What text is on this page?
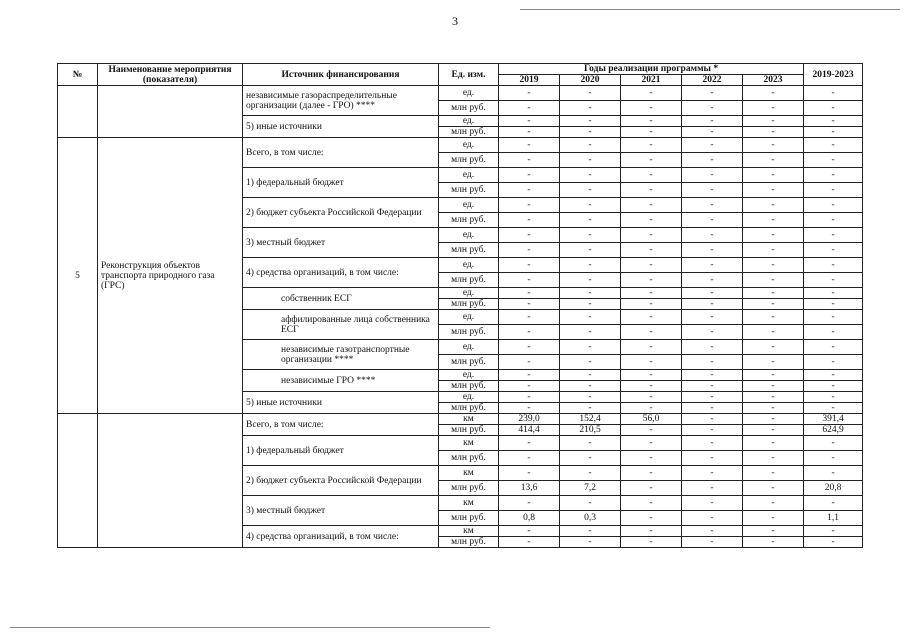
3
№	Наименование мероприятия (показателя)	Источник финансирования	Ед. изм.	Годы реализации программы *					2019-2023
				2019	2020	2021	2022	2023	
		независимые газораспределительные организации (далее - ГРО) ****	ед.	-	-	-	-	-	-
			млн руб.	-	-	-	-	-	-
		5) иные источники	ед.	-	-	-	-	-	-
			млн руб.	-	-	-	-	-	-
5	Реконструкция объектов транспорта природного газа (ГРС)	Всего, в том числе:	ед.	-	-	-	-	-	-
			млн руб.	-	-	-	-	-	-
		1) федеральный бюджет	ед.	-	-	-	-	-	-
			млн руб.	-	-	-	-	-	-
		2) бюджет субъекта Российской Федерации	ед.	-	-	-	-	-	-
			млн руб.	-	-	-	-	-	-
		3) местный бюджет	ед.	-	-	-	-	-	-
			млн руб.	-	-	-	-	-	-
		4) средства организаций, в том числе:	ед.	-	-	-	-	-	-
			млн руб.	-	-	-	-	-	-
		собственник ЕСГ	ед.	-	-	-	-	-	-
			млн руб.	-	-	-	-	-	-
		аффилированные лица собственника ЕСГ	ед.	-	-	-	-	-	-
			млн руб.	-	-	-	-	-	-
		независимые газотранспортные организации ****	ед.	-	-	-	-	-	-
			млн руб.	-	-	-	-	-	-
		независимые ГРО ****	ед.	-	-	-	-	-	-
			млн руб.	-	-	-	-	-	-
		5) иные источники	ед.	-	-	-	-	-	-
			млн руб.	-	-	-	-	-	-
		Всего, в том числе:	км	239,0	152,4	56,0	-	-	391,4
			млн руб.	414,4	210,5	-	-	-	624,9
		1) федеральный бюджет	км	-	-	-	-	-	-
			млн руб.	-	-	-	-	-	-
		2) бюджет субъекта Российской Федерации	км	-	-	-	-	-	-
			млн руб.	13,6	7,2	-	-	-	20,8
		3) местный бюджет	км	-	-	-	-	-	-
			млн руб.	0,8	0,3	-	-	-	1,1
		4) средства организаций, в том числе:	км	-	-	-	-	-	-
			млн руб.	-	-	-	-	-	-
